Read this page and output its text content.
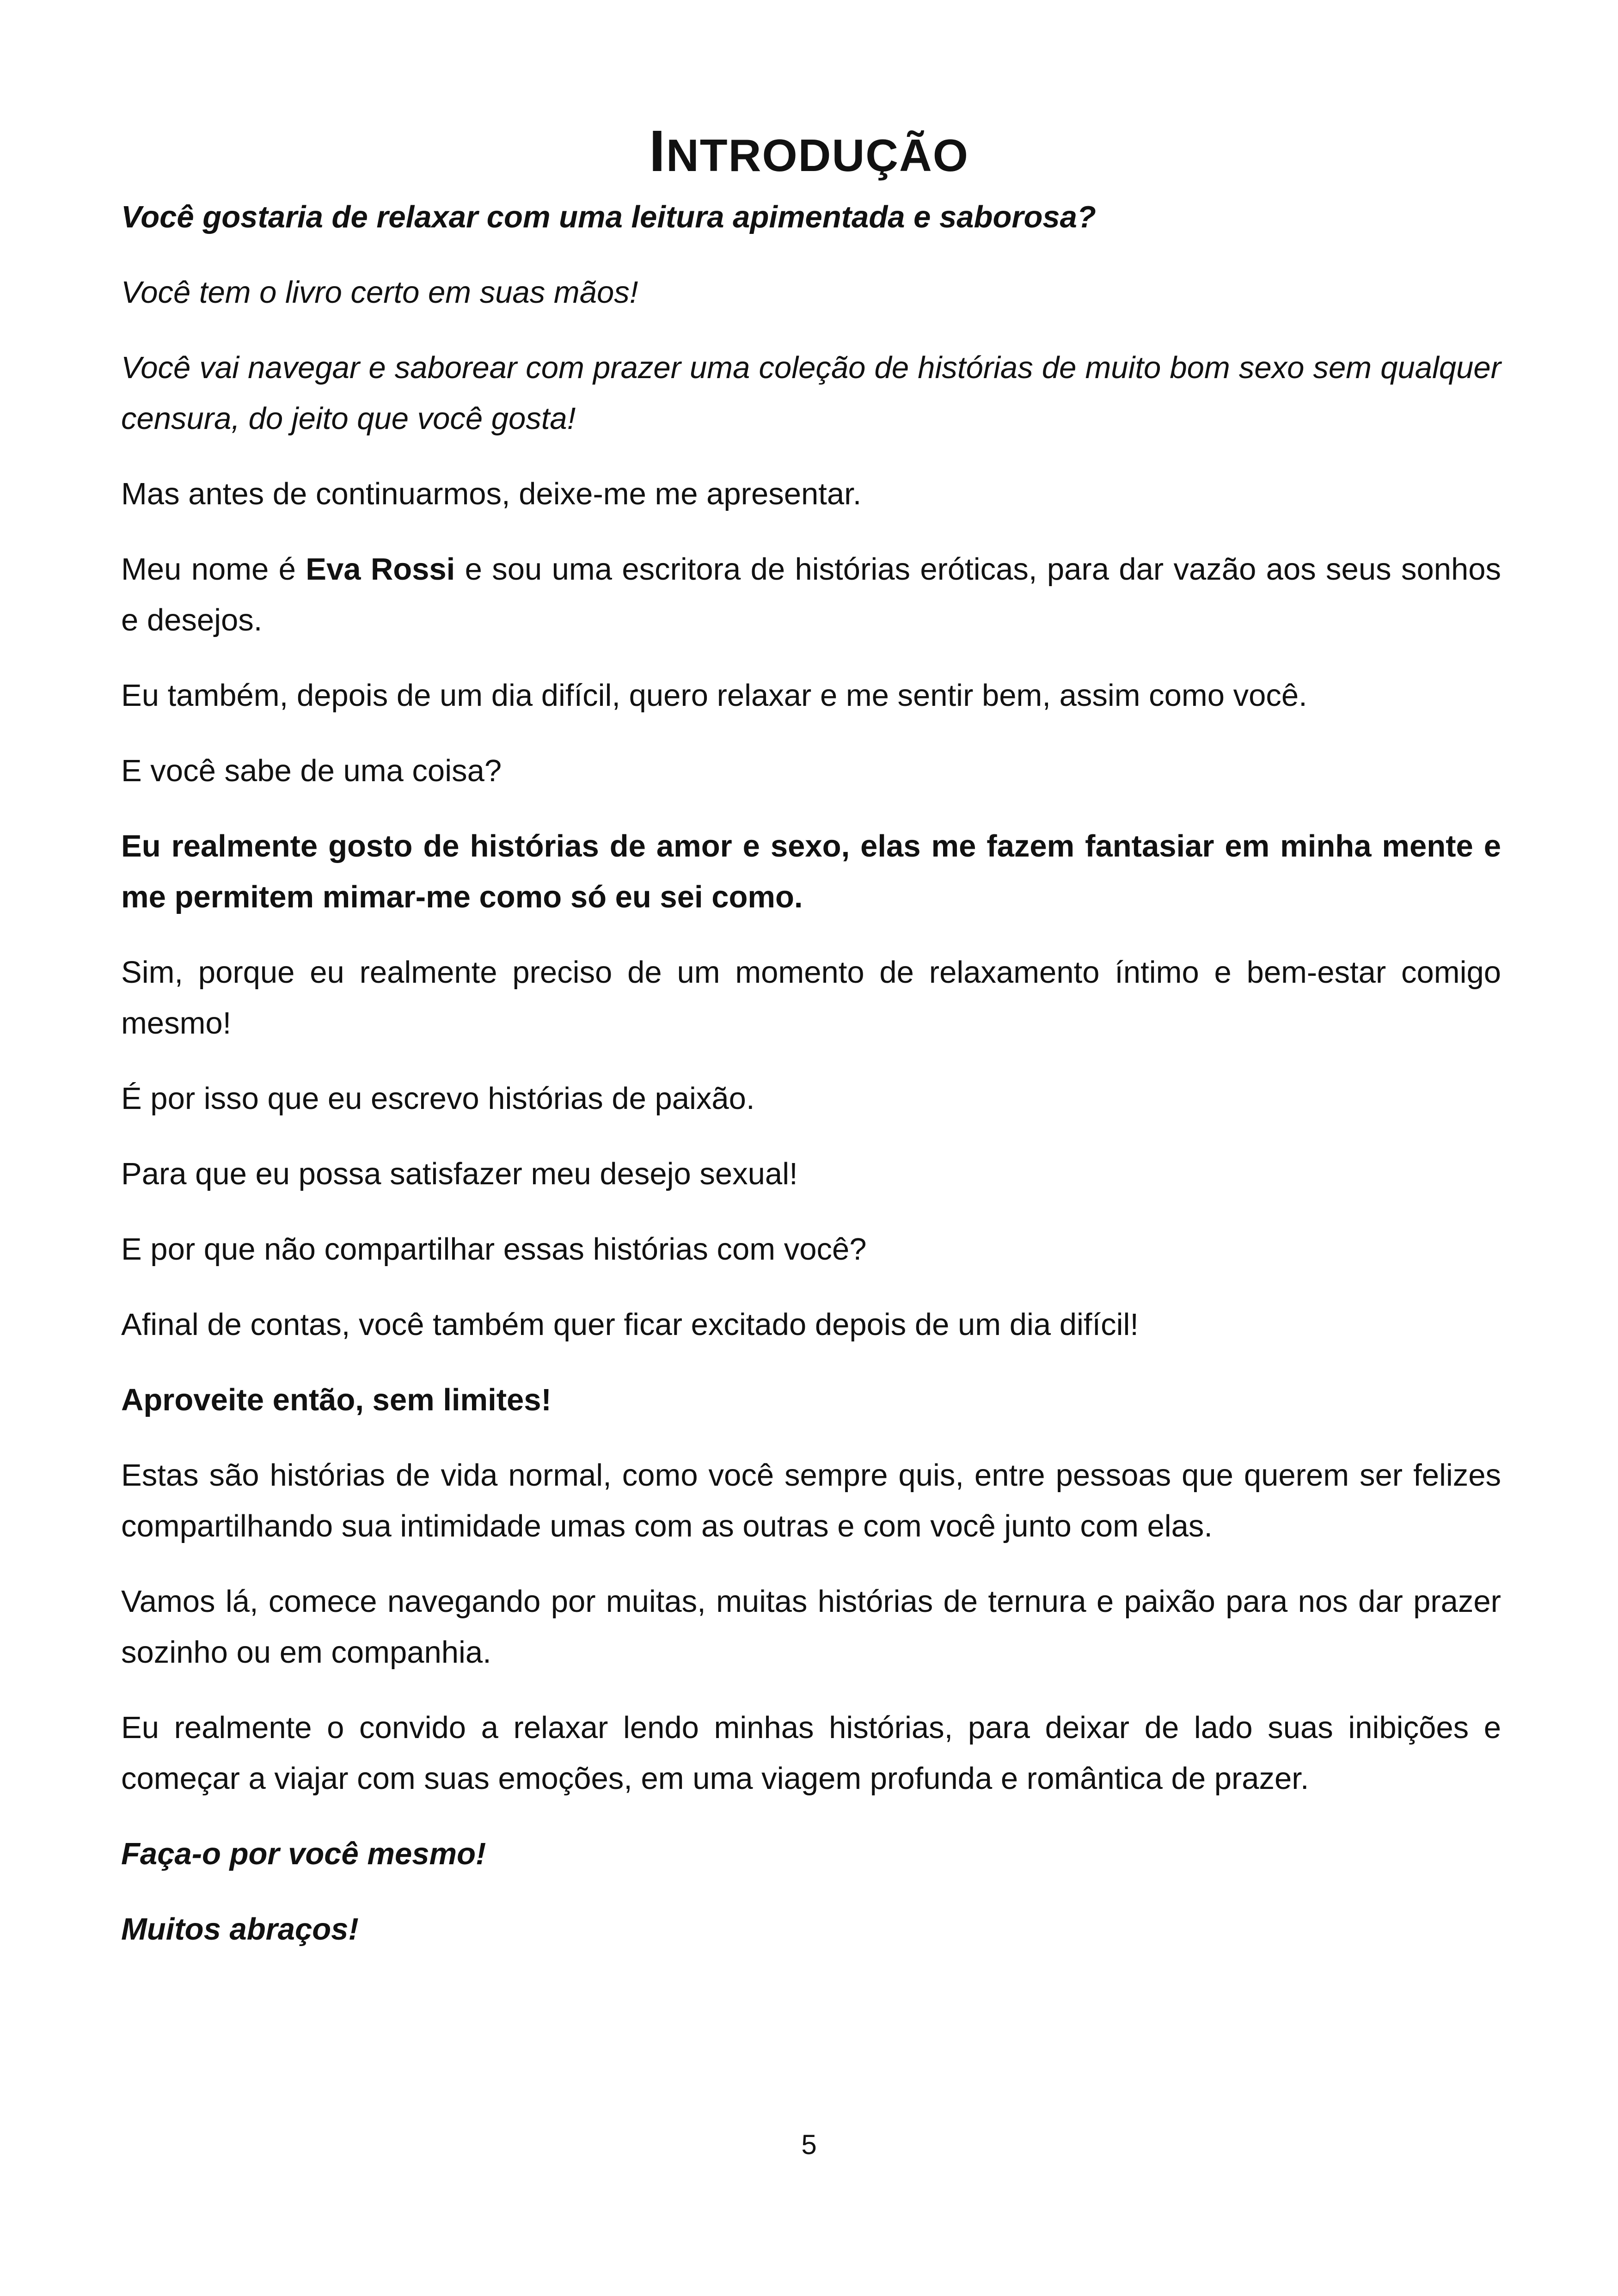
INTRODUÇÃO

Você gostaria de relaxar com uma leitura apimentada e saborosa?

Você tem o livro certo em suas mãos!

Você vai navegar e saborear com prazer uma coleção de histórias de muito bom sexo sem qualquer censura, do jeito que você gosta!

Mas antes de continuarmos, deixe-me me apresentar.

Meu nome é Eva Rossi e sou uma escritora de histórias eróticas, para dar vazão aos seus sonhos e desejos.

Eu também, depois de um dia difícil, quero relaxar e me sentir bem, assim como você.

E você sabe de uma coisa?

Eu realmente gosto de histórias de amor e sexo, elas me fazem fantasiar em minha mente e me permitem mimar-me como só eu sei como.

Sim, porque eu realmente preciso de um momento de relaxamento íntimo e bem-estar comigo mesmo!

É por isso que eu escrevo histórias de paixão.

Para que eu possa satisfazer meu desejo sexual!

E por que não compartilhar essas histórias com você?

Afinal de contas, você também quer ficar excitado depois de um dia difícil!

Aproveite então, sem limites!

Estas são histórias de vida normal, como você sempre quis, entre pessoas que querem ser felizes compartilhando sua intimidade umas com as outras e com você junto com elas.

Vamos lá, comece navegando por muitas, muitas histórias de ternura e paixão para nos dar prazer sozinho ou em companhia.

Eu realmente o convido a relaxar lendo minhas histórias, para deixar de lado suas inibições e começar a viajar com suas emoções, em uma viagem profunda e romântica de prazer.

Faça-o por você mesmo!

Muitos abraços!

5
